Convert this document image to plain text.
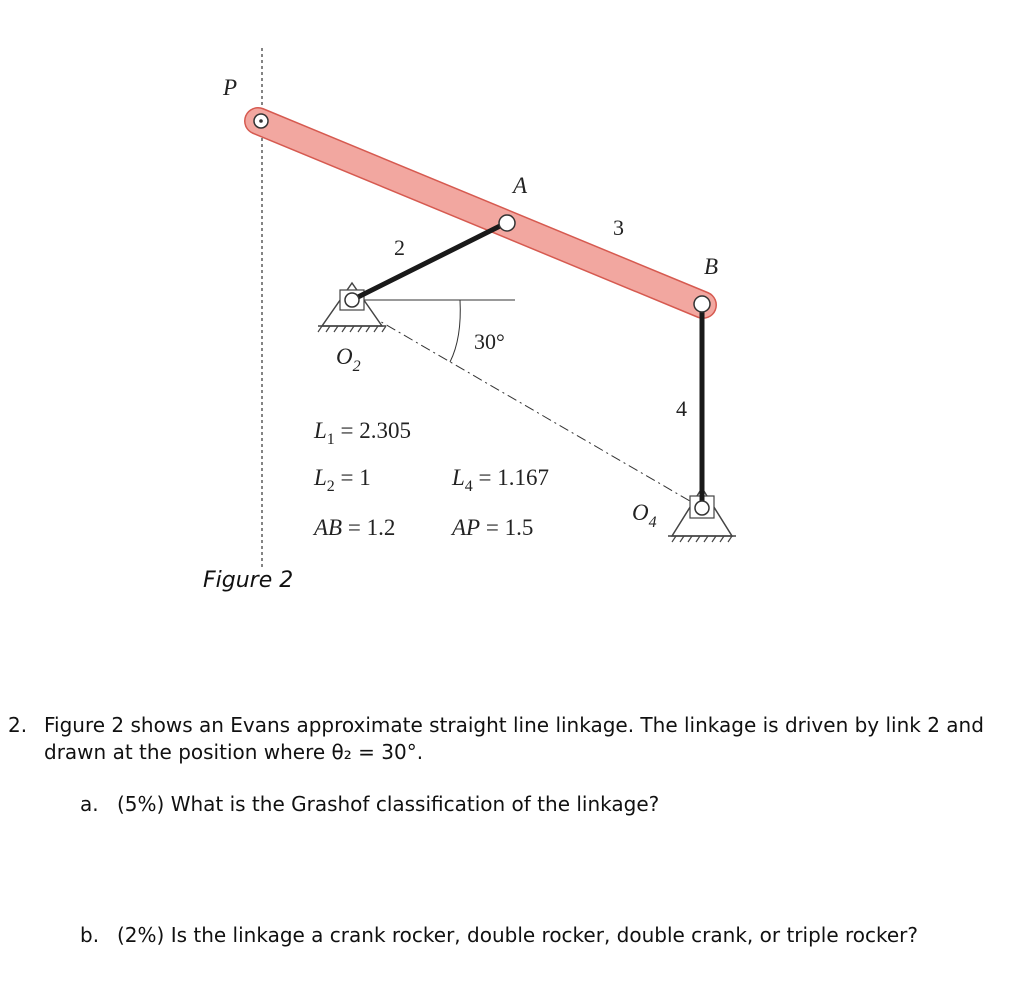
P
A
B
$O_2$
$O_4$
2
3
4
30°
$L_1 = 2.305$
$L_2 = 1$	$L_4 = 1.167$
AB = 1.2 AP = 1.5

Figure 2

2. Figure 2 shows an Evans approximate straight line linkage. The linkage is driven by link 2 and drawn at the position where θ₂ = 30°.
a. (5%) What is the Grashof classification of the linkage?
b. (2%) Is the linkage a crank rocker, double rocker, double crank, or triple rocker?
